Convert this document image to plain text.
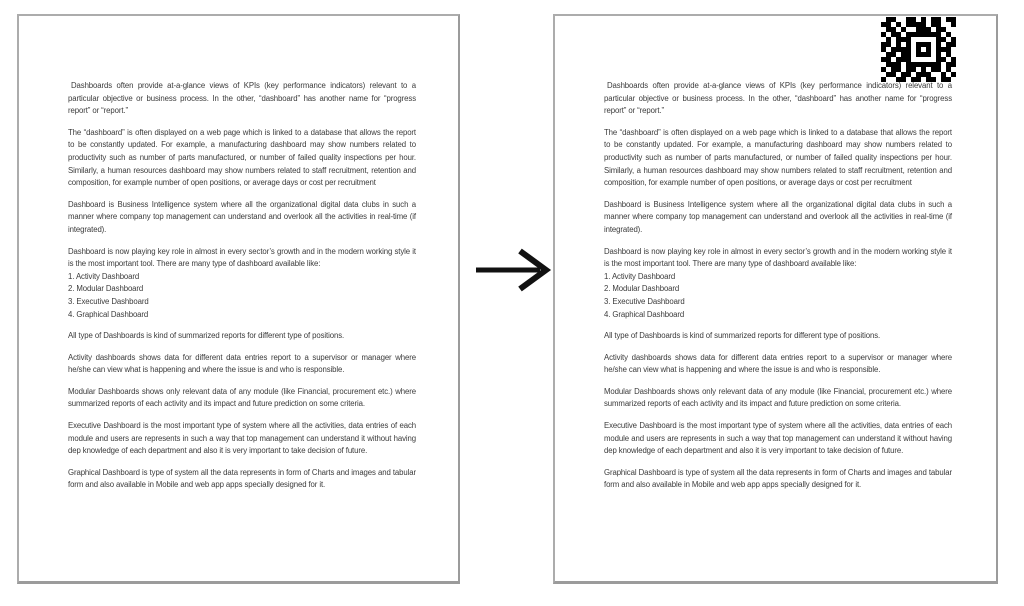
Dashboards often provide at-a-glance views of KPIs (key performance indicators) relevant to a particular objective or business process. In the other, “dashboard” has another name for “progress report” or “report.”

The “dashboard” is often displayed on a web page which is linked to a database that allows the report to be constantly updated. For example, a manufacturing dashboard may show numbers related to productivity such as number of parts manufactured, or number of failed quality inspections per hour. Similarly, a human resources dashboard may show numbers related to staff recruitment, retention and composition, for example number of open positions, or average days or cost per recruitment

Dashboard is Business Intelligence system where all the organizational digital data clubs in such a manner where company top management can understand and overlook all the activities in real-time (if integrated).

Dashboard is now playing key role in almost in every sector’s growth and in the modern working style it is the most important tool. There are many type of dashboard available like:

1. Activity Dashboard

2. Modular Dashboard

3. Executive Dashboard

4. Graphical Dashboard

All type of Dashboards is kind of summarized reports for different type of positions.

Activity dashboards shows data for different data entries report to a supervisor or manager where he/she can view what is happening and where the issue is and who is responsible.

Modular Dashboards shows only relevant data of any module (like Financial, procurement etc.) where summarized reports of each activity and its impact and future prediction on some criteria.

Executive Dashboard is the most important type of system where all the activities, data entries of each module and users are represents in such a way that top management can understand it without having dep knowledge of each department and also it is very important to take decision of future.

Graphical Dashboard is type of system all the data represents in form of Charts and images and tabular form and also available in Mobile and web app apps specially designed for it.

Dashboards often provide at-a-glance views of KPIs (key performance indicators) relevant to a particular objective or business process. In the other, “dashboard” has another name for “progress report” or “report.”

The “dashboard” is often displayed on a web page which is linked to a database that allows the report to be constantly updated. For example, a manufacturing dashboard may show numbers related to productivity such as number of parts manufactured, or number of failed quality inspections per hour. Similarly, a human resources dashboard may show numbers related to staff recruitment, retention and composition, for example number of open positions, or average days or cost per recruitment

Dashboard is Business Intelligence system where all the organizational digital data clubs in such a manner where company top management can understand and overlook all the activities in real-time (if integrated).

Dashboard is now playing key role in almost in every sector’s growth and in the modern working style it is the most important tool. There are many type of dashboard available like:

1. Activity Dashboard

2. Modular Dashboard

3. Executive Dashboard

4. Graphical Dashboard

All type of Dashboards is kind of summarized reports for different type of positions.

Activity dashboards shows data for different data entries report to a supervisor or manager where he/she can view what is happening and where the issue is and who is responsible.

Modular Dashboards shows only relevant data of any module (like Financial, procurement etc.) where summarized reports of each activity and its impact and future prediction on some criteria.

Executive Dashboard is the most important type of system where all the activities, data entries of each module and users are represents in such a way that top management can understand it without having dep knowledge of each department and also it is very important to take decision of future.

Graphical Dashboard is type of system all the data represents in form of Charts and images and tabular form and also available in Mobile and web app apps specially designed for it.
